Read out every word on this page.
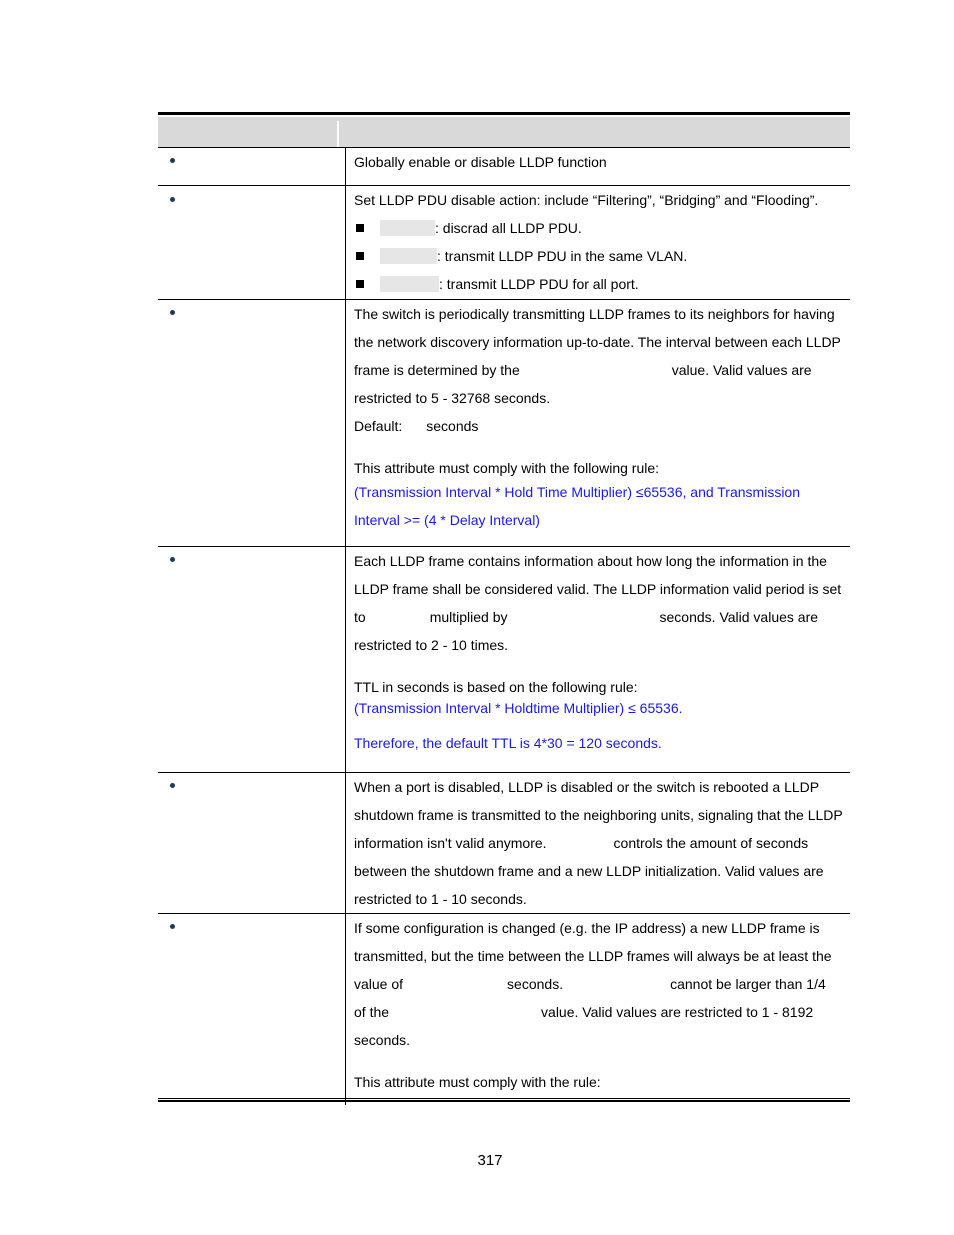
Globally enable or disable LLDP function
Set LLDP PDU disable action: include “Filtering”, “Bridging” and “Flooding”.
: discrad all LLDP PDU.
: transmit LLDP PDU in the same VLAN.
: transmit LLDP PDU for all port.
The switch is periodically transmitting LLDP frames to its neighbors for having
the network discovery information up-to-date. The interval between each LLDP
frame is determined by the	value. Valid values are
restricted to 5 - 32768 seconds.
Default: seconds
This attribute must comply with the following rule:
(Transmission Interval * Hold Time Multiplier) ≤65536, and Transmission
Interval >= (4 * Delay Interval)
Each LLDP frame contains information about how long the information in the
LLDP frame shall be considered valid. The LLDP information valid period is set
to	multiplied by	seconds. Valid values are
restricted to 2 - 10 times.
TTL in seconds is based on the following rule:
(Transmission Interval * Holdtime Multiplier) ≤ 65536.
Therefore, the default TTL is 4*30 = 120 seconds.
When a port is disabled, LLDP is disabled or the switch is rebooted a LLDP
shutdown frame is transmitted to the neighboring units, signaling that the LLDP
information isn't valid anymore.	controls the amount of seconds
between the shutdown frame and a new LLDP initialization. Valid values are
restricted to 1 - 10 seconds.
If some configuration is changed (e.g. the IP address) a new LLDP frame is
transmitted, but the time between the LLDP frames will always be at least the
value of	seconds.	cannot be larger than 1/4
of the	value. Valid values are restricted to 1 - 8192
seconds.
This attribute must comply with the rule:
317
